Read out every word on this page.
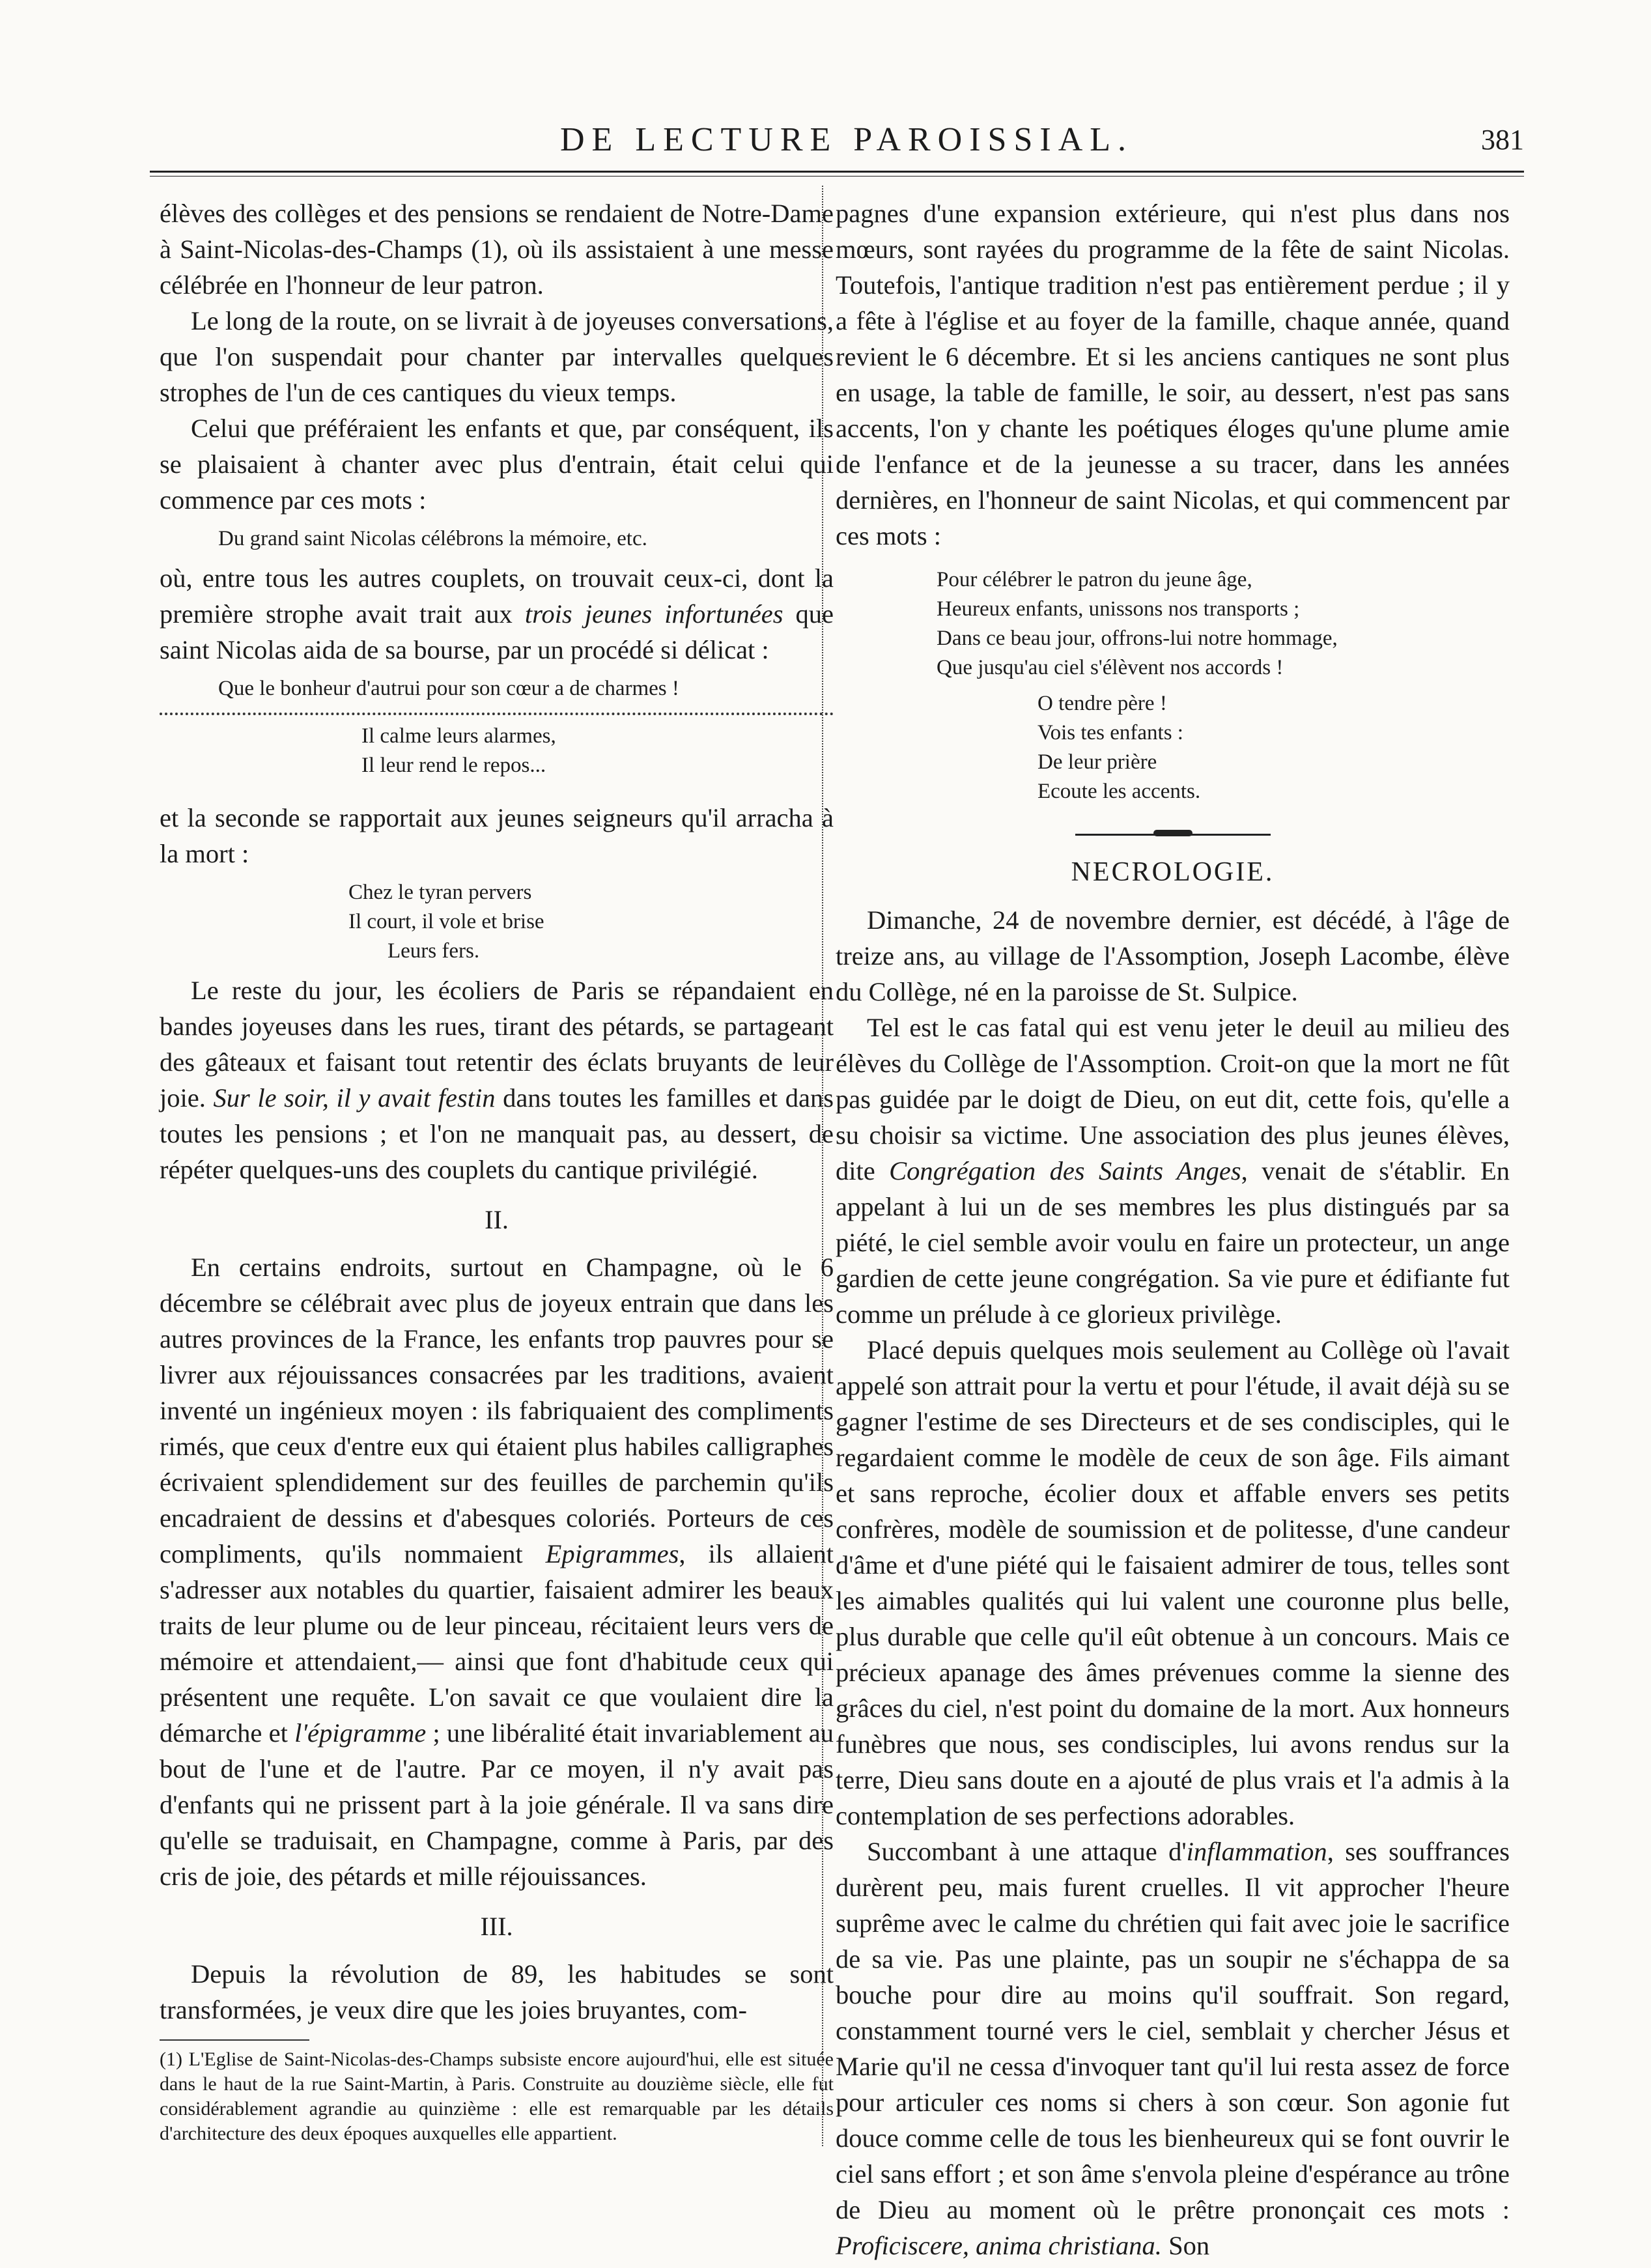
DE LECTURE PAROISSIAL.	381

élèves des collèges et des pensions se rendaient de Notre-Dame à Saint-Nicolas-des-Champs (1), où ils assistaient à une messe célébrée en l'honneur de leur patron.

Le long de la route, on se livrait à de joyeuses conversations, que l'on suspendait pour chanter par intervalles quelques strophes de l'un de ces cantiques du vieux temps.

Celui que préféraient les enfants et que, par conséquent, ils se plaisaient à chanter avec plus d'entrain, était celui qui commence par ces mots :

Du grand saint Nicolas célébrons la mémoire, etc.

où, entre tous les autres couplets, on trouvait ceux-ci, dont la première strophe avait trait aux trois jeunes infortunées que saint Nicolas aida de sa bourse, par un procédé si délicat :

Que le bonheur d'autrui pour son cœur a de charmes !
Il calme leurs alarmes,
Il leur rend le repos...

et la seconde se rapportait aux jeunes seigneurs qu'il arracha à la mort :

Chez le tyran pervers
Il court, il vole et brise
Leurs fers.

Le reste du jour, les écoliers de Paris se répandaient en bandes joyeuses dans les rues, tirant des pétards, se partageant des gâteaux et faisant tout retentir des éclats bruyants de leur joie. Sur le soir, il y avait festin dans toutes les familles et dans toutes les pensions ; et l'on ne manquait pas, au dessert, de répéter quelques-uns des couplets du cantique privilégié.

II.

En certains endroits, surtout en Champagne, où le 6 décembre se célébrait avec plus de joyeux entrain que dans les autres provinces de la France, les enfants trop pauvres pour se livrer aux réjouissances consacrées par les traditions, avaient inventé un ingénieux moyen : ils fabriquaient des compliments rimés, que ceux d'entre eux qui étaient plus habiles calligraphes écrivaient splendidement sur des feuilles de parchemin qu'ils encadraient de dessins et d'abesques coloriés. Porteurs de ces compliments, qu'ils nommaient Epigrammes, ils allaient s'adresser aux notables du quartier, faisaient admirer les beaux traits de leur plume ou de leur pinceau, récitaient leurs vers de mémoire et attendaient,— ainsi que font d'habitude ceux qui présentent une requête. L'on savait ce que voulaient dire la démarche et l'épigramme ; une libéralité était invariablement au bout de l'une et de l'autre. Par ce moyen, il n'y avait pas d'enfants qui ne prissent part à la joie générale. Il va sans dire qu'elle se traduisait, en Champagne, comme à Paris, par des cris de joie, des pétards et mille réjouissances.

III.

Depuis la révolution de 89, les habitudes se sont transformées, je veux dire que les joies bruyantes, com-

(1) L'Eglise de Saint-Nicolas-des-Champs subsiste encore aujourd'hui, elle est située dans le haut de la rue Saint-Martin, à Paris. Construite au douzième siècle, elle fut considérablement agrandie au quinzième : elle est remarquable par les détails d'architecture des deux époques auxquelles elle appartient.

pagnes d'une expansion extérieure, qui n'est plus dans nos mœurs, sont rayées du programme de la fête de saint Nicolas. Toutefois, l'antique tradition n'est pas entièrement perdue ; il y a fête à l'église et au foyer de la famille, chaque année, quand revient le 6 décembre. Et si les anciens cantiques ne sont plus en usage, la table de famille, le soir, au dessert, n'est pas sans accents, l'on y chante les poétiques éloges qu'une plume amie de l'enfance et de la jeunesse a su tracer, dans les années dernières, en l'honneur de saint Nicolas, et qui commencent par ces mots :

Pour célébrer le patron du jeune âge,
Heureux enfants, unissons nos transports ;
Dans ce beau jour, offrons-lui notre hommage,
Que jusqu'au ciel s'élèvent nos accords !
O tendre père !
Vois tes enfants :
De leur prière
Ecoute les accents.
NECROLOGIE.

Dimanche, 24 de novembre dernier, est décédé, à l'âge de treize ans, au village de l'Assomption, Joseph Lacombe, élève du Collège, né en la paroisse de St. Sulpice.

Tel est le cas fatal qui est venu jeter le deuil au milieu des élèves du Collège de l'Assomption. Croit-on que la mort ne fût pas guidée par le doigt de Dieu, on eut dit, cette fois, qu'elle a su choisir sa victime. Une association des plus jeunes élèves, dite Congrégation des Saints Anges, venait de s'établir. En appelant à lui un de ses membres les plus distingués par sa piété, le ciel semble avoir voulu en faire un protecteur, un ange gardien de cette jeune congrégation. Sa vie pure et édifiante fut comme un prélude à ce glorieux privilège.

Placé depuis quelques mois seulement au Collège où l'avait appelé son attrait pour la vertu et pour l'étude, il avait déjà su se gagner l'estime de ses Directeurs et de ses condisciples, qui le regardaient comme le modèle de ceux de son âge. Fils aimant et sans reproche, écolier doux et affable envers ses petits confrères, modèle de soumission et de politesse, d'une candeur d'âme et d'une piété qui le faisaient admirer de tous, telles sont les aimables qualités qui lui valent une couronne plus belle, plus durable que celle qu'il eût obtenue à un concours. Mais ce précieux apanage des âmes prévenues comme la sienne des grâces du ciel, n'est point du domaine de la mort. Aux honneurs funèbres que nous, ses condisciples, lui avons rendus sur la terre, Dieu sans doute en a ajouté de plus vrais et l'a admis à la contemplation de ses perfections adorables.

Succombant à une attaque d'inflammation, ses souffrances durèrent peu, mais furent cruelles. Il vit approcher l'heure suprême avec le calme du chrétien qui fait avec joie le sacrifice de sa vie. Pas une plainte, pas un soupir ne s'échappa de sa bouche pour dire au moins qu'il souffrait. Son regard, constamment tourné vers le ciel, semblait y chercher Jésus et Marie qu'il ne cessa d'invoquer tant qu'il lui resta assez de force pour articuler ces noms si chers à son cœur. Son agonie fut douce comme celle de tous les bienheureux qui se font ouvrir le ciel sans effort ; et son âme s'envola pleine d'espérance au trône de Dieu au moment où le prêtre prononçait ces mots : Proficiscere, anima christiana. Son
